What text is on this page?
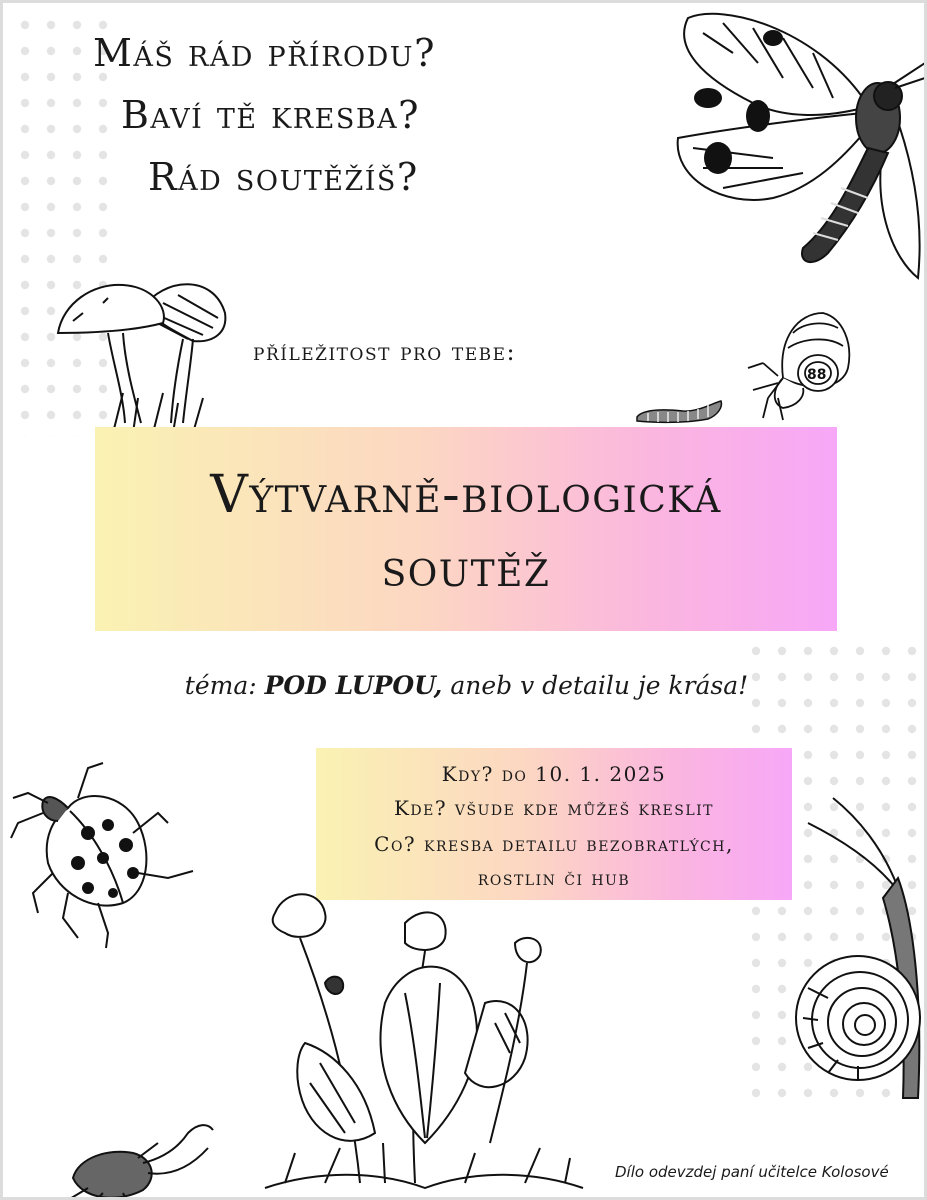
Máš rád přírodu?
Baví tě kresba?
Rád soutěžíš?
příležitost pro tebe:
88
Výtvarně-biologická
soutěž
téma: POD LUPOU, aneb v detailu je krása!
Kdy? do 10. 1. 2025
Kde? všude kde můžeš kreslit
Co? kresba detailu bezobratlých,
rostlin či hub
Dílo odevzdej paní učitelce Kolosové
